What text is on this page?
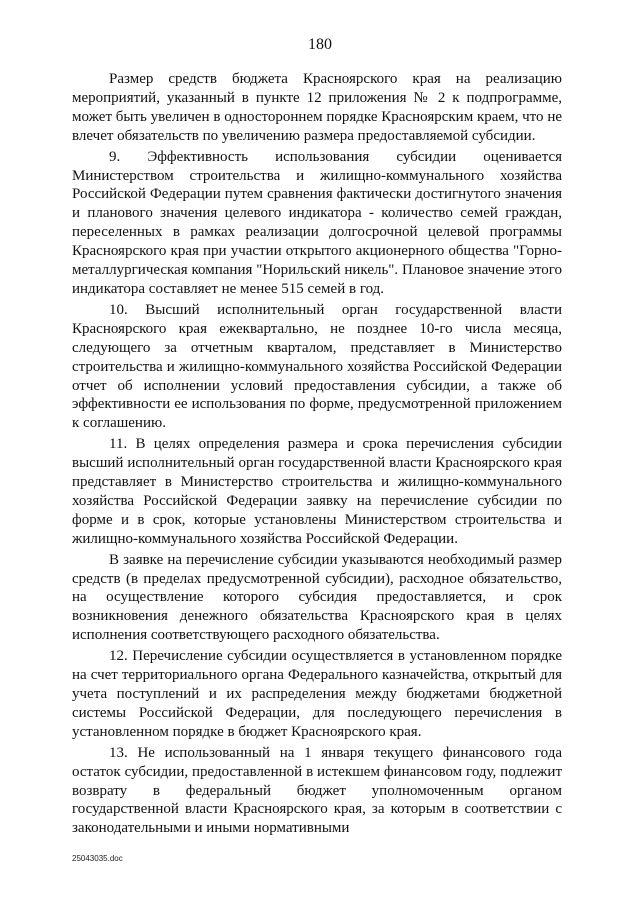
180

Размер средств бюджета Красноярского края на реализацию мероприятий, указанный в пункте 12 приложения № 2 к подпрограмме, может быть увеличен в одностороннем порядке Красноярским краем, что не влечет обязательств по увеличению размера предоставляемой субсидии.

9. Эффективность использования субсидии оценивается Министерством строительства и жилищно-коммунального хозяйства Российской Федерации путем сравнения фактически достигнутого значения и планового значения целевого индикатора - количество семей граждан, переселенных в рамках реализации долгосрочной целевой программы Красноярского края при участии открытого акционерного общества "Горно-металлургическая компания "Норильский никель". Плановое значение этого индикатора составляет не менее 515 семей в год.

10. Высший исполнительный орган государственной власти Красноярского края ежеквартально, не позднее 10-го числа месяца, следующего за отчетным кварталом, представляет в Министерство строительства и жилищно-коммунального хозяйства Российской Федерации отчет об исполнении условий предоставления субсидии, а также об эффективности ее использования по форме, предусмотренной приложением к соглашению.

11. В целях определения размера и срока перечисления субсидии высший исполнительный орган государственной власти Красноярского края представляет в Министерство строительства и жилищно-коммунального хозяйства Российской Федерации заявку на перечисление субсидии по форме и в срок, которые установлены Министерством строительства и жилищно-коммунального хозяйства Российской Федерации.

В заявке на перечисление субсидии указываются необходимый размер средств (в пределах предусмотренной субсидии), расходное обязательство, на осуществление которого субсидия предоставляется, и срок возникновения денежного обязательства Красноярского края в целях исполнения соответствующего расходного обязательства.

12. Перечисление субсидии осуществляется в установленном порядке на счет территориального органа Федерального казначейства, открытый для учета поступлений и их распределения между бюджетами бюджетной системы Российской Федерации, для последующего перечисления в установленном порядке в бюджет Красноярского края.

13. Не использованный на 1 января текущего финансового года остаток субсидии, предоставленной в истекшем финансовом году, подлежит возврату в федеральный бюджет уполномоченным органом государственной власти Красноярского края, за которым в соответствии с законодательными и иными нормативными

25043035.doc
